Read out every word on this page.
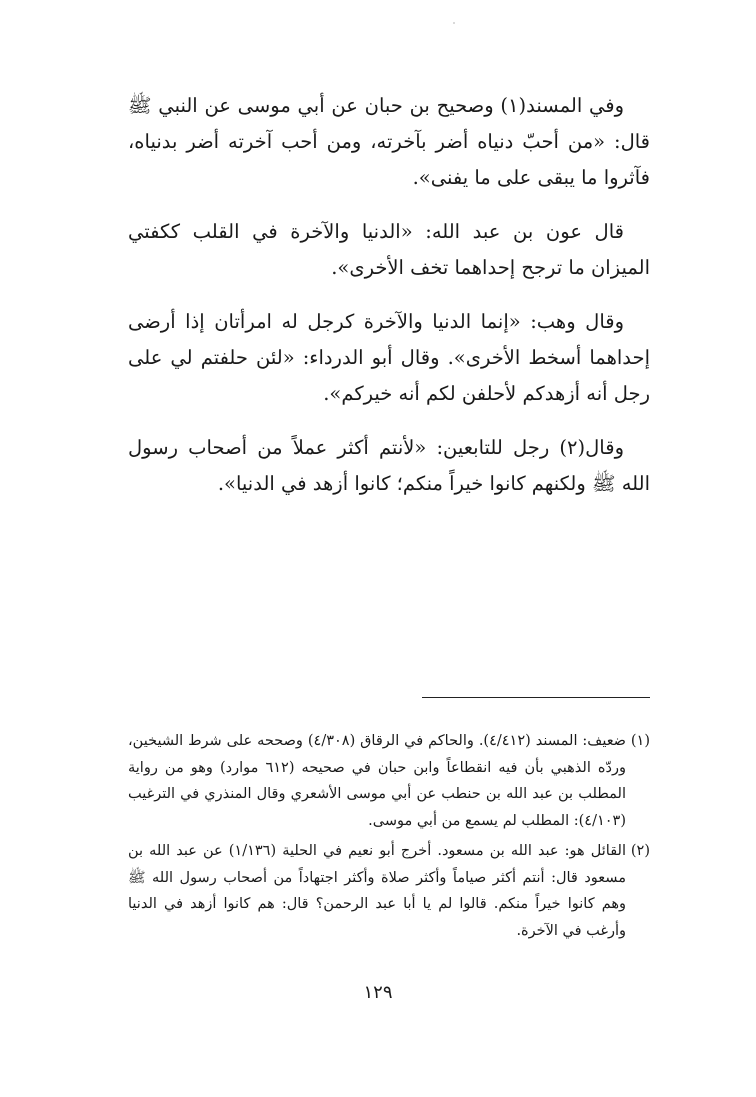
وفي المسند(١) وصحيح بن حبان عن أبي موسى عن النبي ﷺ قال: «من أحبّ دنياه أضر بآخرته، ومن أحب آخرته أضر بدنياه، فآثروا ما يبقى على ما يفنى».

قال عون بن عبد الله: «الدنيا والآخرة في القلب ككفتي الميزان ما ترجح إحداهما تخف الأخرى».

وقال وهب: «إنما الدنيا والآخرة كرجل له امرأتان إذا أرضى إحداهما أسخط الأخرى». وقال أبو الدرداء: «لئن حلفتم لي على رجل أنه أزهدكم لأحلفن لكم أنه خيركم».

وقال(٢) رجل للتابعين: «لأنتم أكثر عملاً من أصحاب رسول الله ﷺ ولكنهم كانوا خيراً منكم؛ كانوا أزهد في الدنيا».

(١)
ضعيف: المسند (٤/٤١٢). والحاكم في الرقاق (٤/٣٠٨) وصححه على شرط الشيخين، وردّه الذهبي بأن فيه انقطاعاً وابن حبان في صحيحه (٦١٢ موارد) وهو من رواية المطلب بن عبد الله بن حنطب عن أبي موسى الأشعري وقال المنذري في الترغيب (٤/١٠٣): المطلب لم يسمع من أبي موسى.
(٢)
القائل هو: عبد الله بن مسعود. أخرج أبو نعيم في الحلية (١/١٣٦) عن عبد الله بن مسعود قال: أنتم أكثر صياماً وأكثر صلاة وأكثر اجتهاداً من أصحاب رسول الله ﷺ وهم كانوا خيراً منكم. قالوا لم يا أبا عبد الرحمن؟ قال: هم كانوا أزهد في الدنيا وأرغب في الآخرة.
١٢٩
